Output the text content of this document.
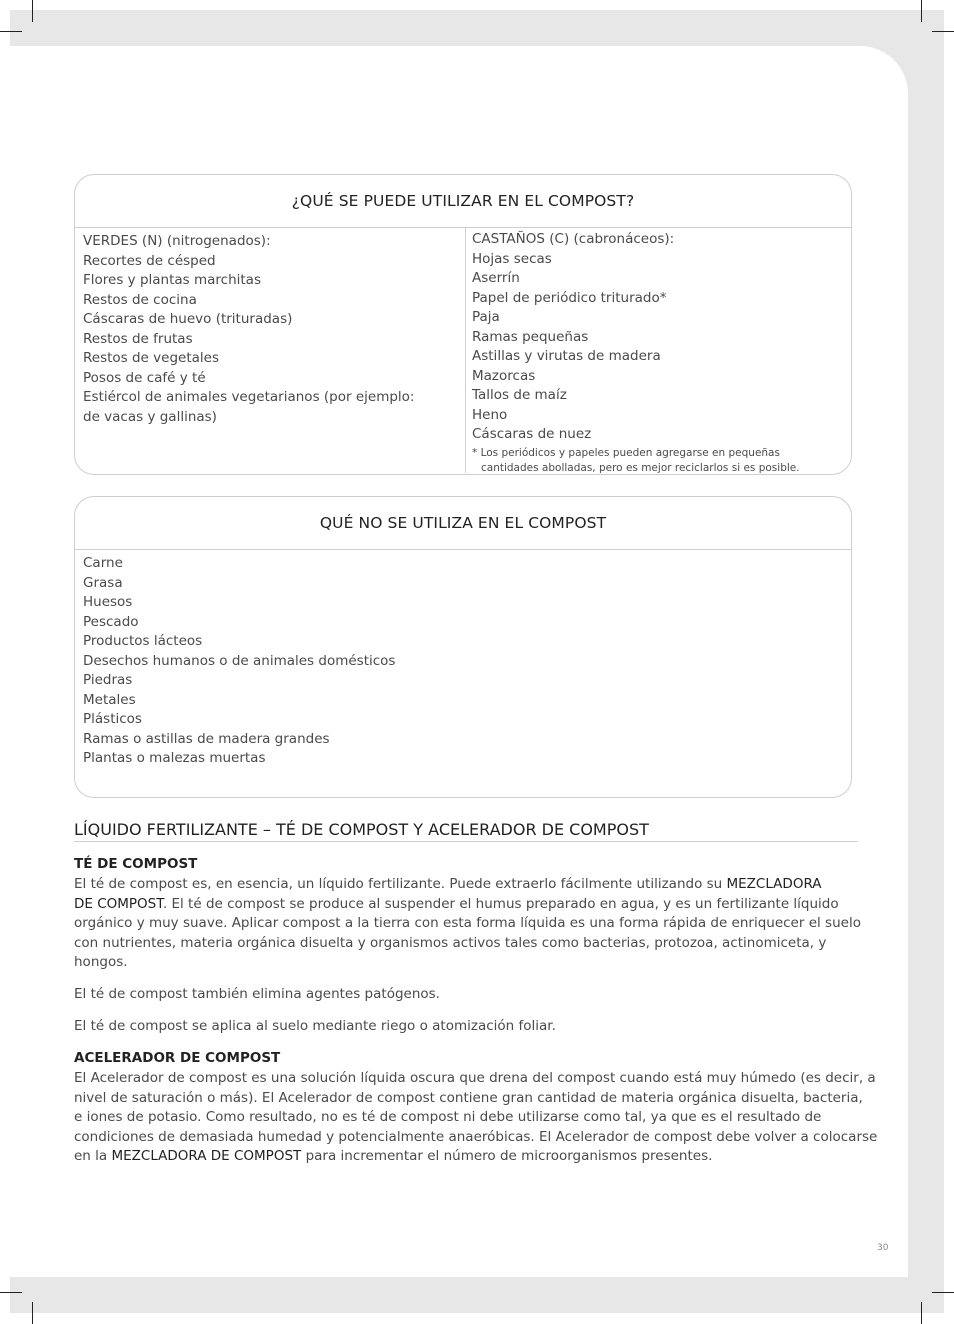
¿QUÉ SE PUEDE UTILIZAR EN EL COMPOST?
VERDES (N) (nitrogenados):
Recortes de césped
Flores y plantas marchitas
Restos de cocina
Cáscaras de huevo (trituradas)
Restos de frutas
Restos de vegetales
Posos de café y té
Estiércol de animales vegetarianos (por ejemplo:
de vacas y gallinas)
CASTAÑOS (C) (cabronáceos):
Hojas secas
Aserrín
Papel de periódico triturado*
Paja
Ramas pequeñas
Astillas y virutas de madera
Mazorcas
Tallos de maíz
Heno
Cáscaras de nuez
* Los periódicos y papeles pueden agregarse en pequeñas
cantidades abolladas, pero es mejor reciclarlos si es posible.
QUÉ NO SE UTILIZA EN EL COMPOST
Carne
Grasa
Huesos
Pescado
Productos lácteos
Desechos humanos o de animales domésticos
Piedras
Metales
Plásticos
Ramas o astillas de madera grandes
Plantas o malezas muertas
LÍQUIDO FERTILIZANTE – TÉ DE COMPOST Y ACELERADOR DE COMPOST
TÉ DE COMPOST
El té de compost es, en esencia, un líquido fertilizante. Puede extraerlo fácilmente utilizando su MEZCLADORA
DE COMPOST. El té de compost se produce al suspender el humus preparado en agua, y es un fertilizante líquido
orgánico y muy suave. Aplicar compost a la tierra con esta forma líquida es una forma rápida de enriquecer el suelo
con nutrientes, materia orgánica disuelta y organismos activos tales como bacterias, protozoa, actinomiceta, y
hongos.
El té de compost también elimina agentes patógenos.
El té de compost se aplica al suelo mediante riego o atomización foliar.
ACELERADOR DE COMPOST
El Acelerador de compost es una solución líquida oscura que drena del compost cuando está muy húmedo (es decir, a
nivel de saturación o más). El Acelerador de compost contiene gran cantidad de materia orgánica disuelta, bacteria,
e iones de potasio. Como resultado, no es té de compost ni debe utilizarse como tal, ya que es el resultado de
condiciones de demasiada humedad y potencialmente anaeróbicas. El Acelerador de compost debe volver a colocarse
en la MEZCLADORA DE COMPOST para incrementar el número de microorganismos presentes.
30
